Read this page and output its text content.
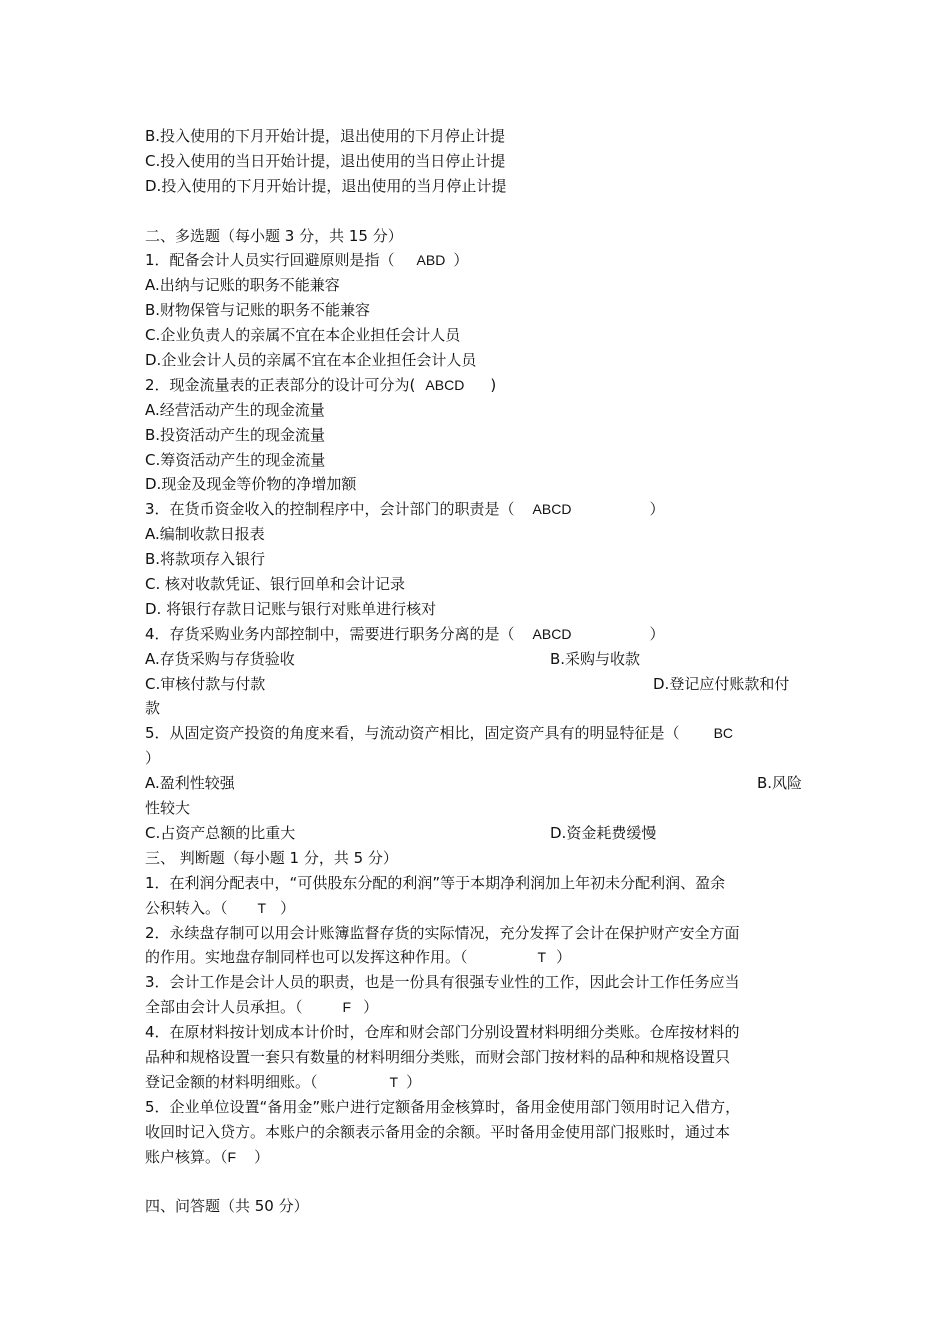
B.投入使用的下月开始计提，退出使用的下月停止计提
C.投入使用的当日开始计提，退出使用的当日停止计提
D.投入使用的下月开始计提，退出使用的当月停止计提
二、多选题（每小题 3 分，共 15 分）
1．配备会计人员实行回避原则是指（ ABD ）
A.出纳与记账的职务不能兼容
B.财物保管与记账的职务不能兼容
C.企业负责人的亲属不宜在本企业担任会计人员
D.企业会计人员的亲属不宜在本企业担任会计人员
2．现金流量表的正表部分的设计可分为( ABCD )
A.经营活动产生的现金流量
B.投资活动产生的现金流量
C.筹资活动产生的现金流量
D.现金及现金等价物的净增加额
3．在货币资金收入的控制程序中，会计部门的职责是（ ABCD	）
A.编制收款日报表
B.将款项存入银行
C. 核对收款凭证、银行回单和会计记录
D. 将银行存款日记账与银行对账单进行核对
4．存货采购业务内部控制中，需要进行职务分离的是（ ABCD	）
A.存货采购与存货验收	B.采购与收款
C.审核付款与付款	D.登记应付账款和付
款
5．从固定资产投资的角度来看，与流动资产相比，固定资产具有的明显特征是（ BC
）
A.盈利性较强	B.风险
性较大
C.占资产总额的比重大	D.资金耗费缓慢
三、 判断题（每小题 1 分，共 5 分）
1．在利润分配表中，“可供股东分配的利润”等于本期净利润加上年初未分配利润、盈余
公积转入。（ T ）
2．永续盘存制可以用会计账簿监督存货的实际情况，充分发挥了会计在保护财产安全方面
的作用。实地盘存制同样也可以发挥这种作用。（	T ）
3．会计工作是会计人员的职责，也是一份具有很强专业性的工作，因此会计工作任务应当
全部由会计人员承担。（	F ）
4．在原材料按计划成本计价时，仓库和财会部门分别设置材料明细分类账。仓库按材料的
品种和规格设置一套只有数量的材料明细分类账，而财会部门按材料的品种和规格设置只
登记金额的材料明细账。（	T ）
5．企业单位设置“备用金”账户进行定额备用金核算时，备用金使用部门领用时记入借方，
收回时记入贷方。本账户的余额表示备用金的余额。平时备用金使用部门报账时，通过本
账户核算。（F ）
四、问答题（共 50 分）
